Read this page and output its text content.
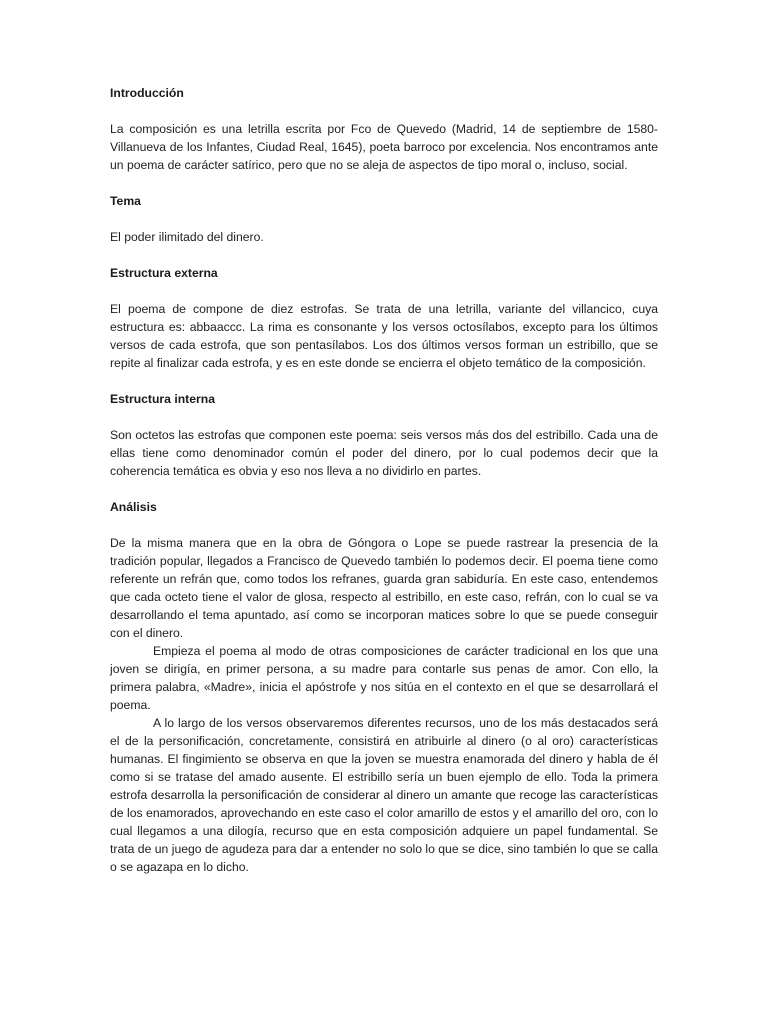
Introducción

La composición es una letrilla escrita por Fco de Quevedo (Madrid, 14 de septiembre de 1580-Villanueva de los Infantes, Ciudad Real, 1645), poeta barroco por excelencia. Nos encontramos ante un poema de carácter satírico, pero que no se aleja de aspectos de tipo moral o, incluso, social.

Tema

El poder ilimitado del dinero.

Estructura externa

El poema de compone de diez estrofas. Se trata de una letrilla, variante del villancico, cuya estructura es: abbaaccc. La rima es consonante y los versos octosílabos, excepto para los últimos versos de cada estrofa, que son pentasílabos. Los dos últimos versos forman un estribillo, que se repite al finalizar cada estrofa, y es en este donde se encierra el objeto temático de la composición.

Estructura interna

Son octetos las estrofas que componen este poema: seis versos más dos del estribillo. Cada una de ellas tiene como denominador común el poder del dinero, por lo cual podemos decir que la coherencia temática es obvia y eso nos lleva a no dividirlo en partes.

Análisis

De la misma manera que en la obra de Góngora o Lope se puede rastrear la presencia de la tradición popular, llegados a Francisco de Quevedo también lo podemos decir. El poema tiene como referente un refrán que, como todos los refranes, guarda gran sabiduría. En este caso, entendemos que cada octeto tiene el valor de glosa, respecto al estribillo, en este caso, refrán, con lo cual se va desarrollando el tema apuntado, así como se incorporan matices sobre lo que se puede conseguir con el dinero.

Empieza el poema al modo de otras composiciones de carácter tradicional en los que una joven se dirigía, en primer persona, a su madre para contarle sus penas de amor. Con ello, la primera palabra, «Madre», inicia el apóstrofe y nos sitúa en el contexto en el que se desarrollará el poema.

A lo largo de los versos observaremos diferentes recursos, uno de los más destacados será el de la personificación, concretamente, consistirá en atribuirle al dinero (o al oro) características humanas. El fingimiento se observa en que la joven se muestra enamorada del dinero y habla de él como si se tratase del amado ausente. El estribillo sería un buen ejemplo de ello. Toda la primera estrofa desarrolla la personificación de considerar al dinero un amante que recoge las características de los enamorados, aprovechando en este caso el color amarillo de estos y el amarillo del oro, con lo cual llegamos a una dilogía, recurso que en esta composición adquiere un papel fundamental. Se trata de un juego de agudeza para dar a entender no solo lo que se dice, sino también lo que se calla o se agazapa en lo dicho.
